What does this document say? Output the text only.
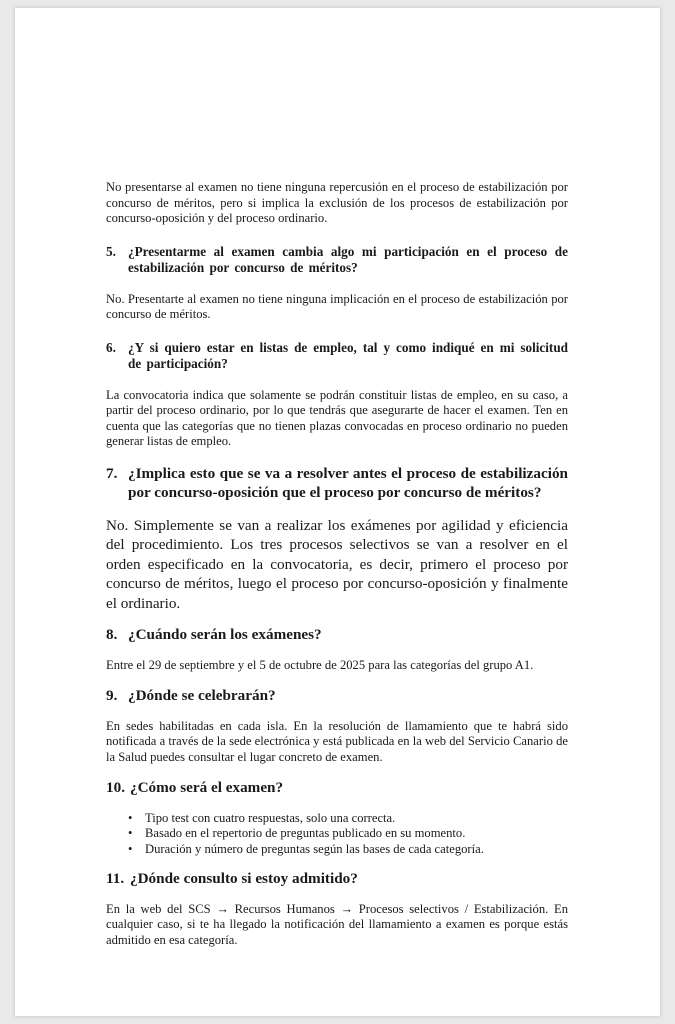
No presentarse al examen no tiene ninguna repercusión en el proceso de estabilización por concurso de méritos, pero si implica la exclusión de los procesos de estabilización por concurso-oposición y del proceso ordinario.

5. ¿Presentarme al examen cambia algo mi participación en el proceso de estabilización por concurso de méritos?

No. Presentarte al examen no tiene ninguna implicación en el proceso de estabilización por concurso de méritos.

6. ¿Y si quiero estar en listas de empleo, tal y como indiqué en mi solicitud de participación?

La convocatoria indica que solamente se podrán constituir listas de empleo, en su caso, a partir del proceso ordinario, por lo que tendrás que asegurarte de hacer el examen. Ten en cuenta que las categorías que no tienen plazas convocadas en proceso ordinario no pueden generar listas de empleo.

7. ¿Implica esto que se va a resolver antes el proceso de estabilización por concurso-oposición que el proceso por concurso de méritos?

No. Simplemente se van a realizar los exámenes por agilidad y eficiencia del procedimiento. Los tres procesos selectivos se van a resolver en el orden especificado en la convocatoria, es decir, primero el proceso por concurso de méritos, luego el proceso por concurso-oposición y finalmente el ordinario.

8. ¿Cuándo serán los exámenes?

Entre el 29 de septiembre y el 5 de octubre de 2025 para las categorías del grupo A1.

9. ¿Dónde se celebrarán?

En sedes habilitadas en cada isla. En la resolución de llamamiento que te habrá sido notificada a través de la sede electrónica y está publicada en la web del Servicio Canario de la Salud puedes consultar el lugar concreto de examen.

10. ¿Cómo será el examen?
• Tipo test con cuatro respuestas, solo una correcta.
• Basado en el repertorio de preguntas publicado en su momento.
• Duración y número de preguntas según las bases de cada categoría.
11. ¿Dónde consulto si estoy admitido?

En la web del SCS → Recursos Humanos → Procesos selectivos / Estabilización. En cualquier caso, si te ha llegado la notificación del llamamiento a examen es porque estás admitido en esa categoría.
